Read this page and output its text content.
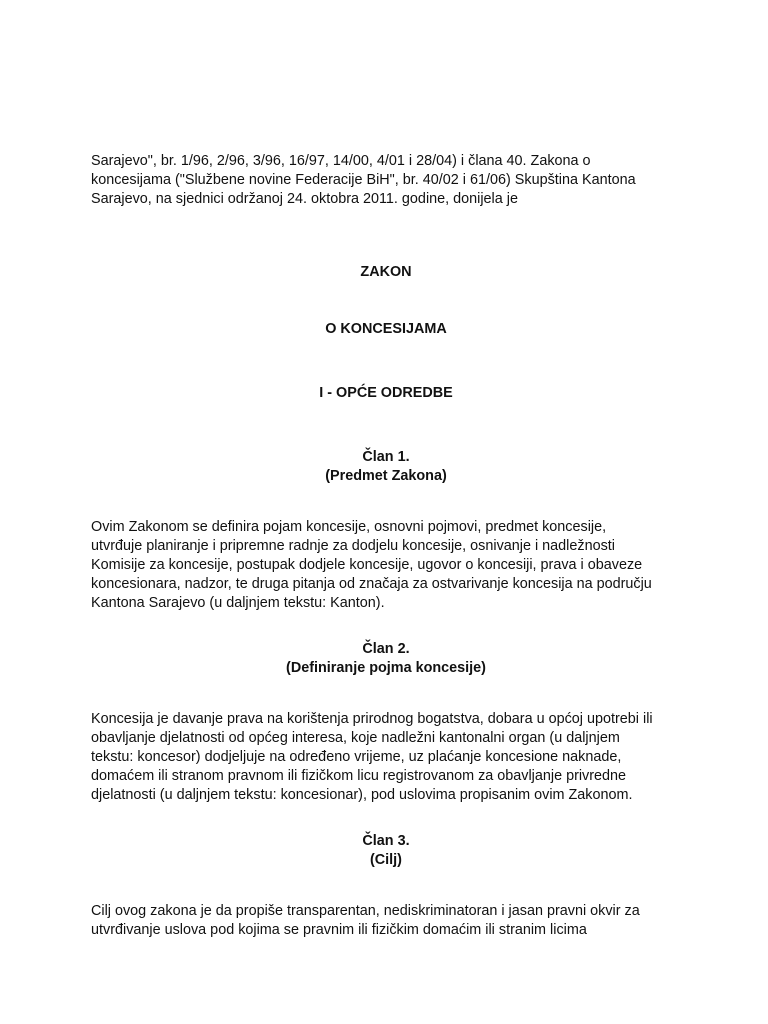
Sarajevo", br. 1/96, 2/96, 3/96, 16/97, 14/00, 4/01 i 28/04) i člana 40. Zakona o
koncesijama ("Službene novine Federacije BiH", br. 40/02 i 61/06) Skupština Kantona
Sarajevo, na sjednici održanoj 24. oktobra 2011. godine, donijela je

ZAKON

O KONCESIJAMA

I - OPĆE ODREDBE

Član 1.
(Predmet Zakona)

Ovim Zakonom se definira pojam koncesije, osnovni pojmovi, predmet koncesije,
utvrđuje planiranje i pripremne radnje za dodjelu koncesije, osnivanje i nadležnosti
Komisije za koncesije, postupak dodjele koncesije, ugovor o koncesiji, prava i obaveze
koncesionara, nadzor, te druga pitanja od značaja za ostvarivanje koncesija na području
Kantona Sarajevo (u daljnjem tekstu: Kanton).

Član 2.
(Definiranje pojma koncesije)

Koncesija je davanje prava na korištenja prirodnog bogatstva, dobara u općoj upotrebi ili
obavljanje djelatnosti od općeg interesa, koje nadležni kantonalni organ (u daljnjem
tekstu: koncesor) dodjeljuje na određeno vrijeme, uz plaćanje koncesione naknade,
domaćem ili stranom pravnom ili fizičkom licu registrovanom za obavljanje privredne
djelatnosti (u daljnjem tekstu: koncesionar), pod uslovima propisanim ovim Zakonom.

Član 3.
(Cilj)

Cilj ovog zakona je da propiše transparentan, nediskriminatoran i jasan pravni okvir za
utvrđivanje uslova pod kojima se pravnim ili fizičkim domaćim ili stranim licima
